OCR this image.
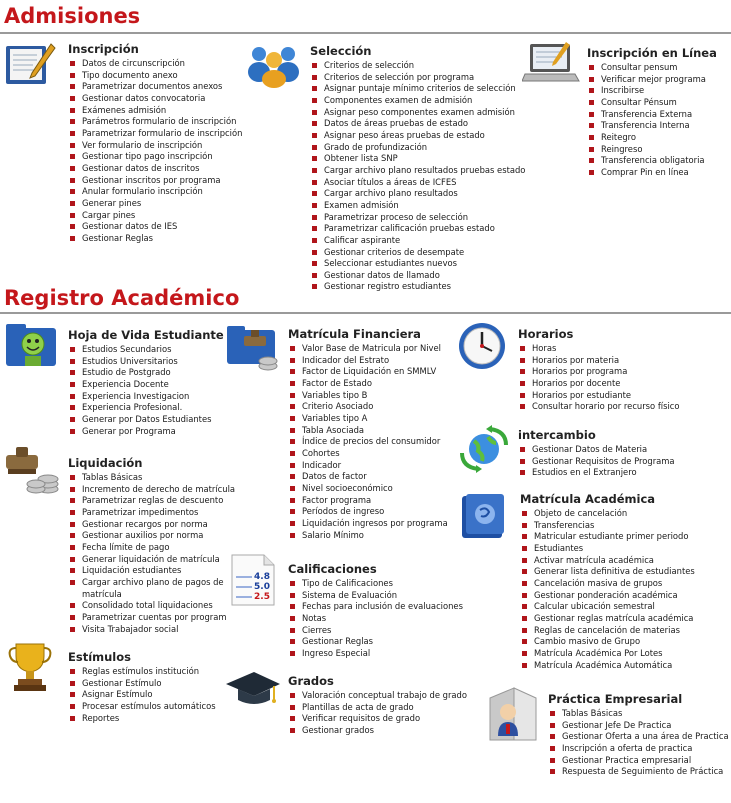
Admisiones
Inscripción
Datos de circunscripción
Tipo documento anexo
Parametrizar documentos anexos
Gestionar datos convocatoria
Exámenes admisión
Parámetros formulario de inscripción
Parametrizar formulario de inscripción
Ver formulario de inscripción
Gestionar tipo pago inscripción
Gestionar datos de inscritos
Gestionar inscritos por programa
Anular formulario inscripción
Generar pines
Cargar pines
Gestionar datos de IES
Gestionar Reglas
Selección
Criterios de selección
Criterios de selección por programa
Asignar puntaje mínimo criterios de selección
Componentes examen de admisión
Asignar peso componentes examen admisión
Datos de áreas pruebas de estado
Asignar peso áreas pruebas de estado
Grado de profundización
Obtener lista SNP
Cargar archivo plano resultados pruebas estado
Asociar títulos a áreas de ICFES
Cargar archivo plano resultados
Examen admisión
Parametrizar proceso de selección
Parametrizar calificación pruebas estado
Calificar aspirante
Gestionar criterios de desempate
Seleccionar estudiantes nuevos
Gestionar datos de llamado
Gestionar registro estudiantes
Inscripción en Línea
Consultar pensum
Verificar mejor programa
Inscribirse
Consultar Pénsum
Transferencia Externa
Transferencia Interna
Reitegro
Reingreso
Transferencia obligatoria
Comprar Pin en línea
Registro Académico
Hoja de Vida Estudiante
Estudios Secundarios
Estudios Universitarios
Estudio de Postgrado
Experiencia Docente
Experiencia Investigacion
Experiencia Profesional.
Generar por Datos Estudiantes
Generar por Programa
Liquidación
Tablas Básicas
Incremento de derecho de matrícula
Parametrizar reglas de descuento
Parametrizar impedimentos
Gestionar recargos por norma
Gestionar auxilios por norma
Fecha límite de pago
Generar liquidación de matrícula
Liquidación estudiantes
Cargar archivo plano de pagos de matrícula
Consolidado total liquidaciones
Parametrizar cuentas por program
Visita Trabajador social
Estímulos
Reglas estímulos institución
Gestionar Estímulo
Asignar Estímulo
Procesar estímulos automáticos
Reportes
Matrícula Financiera
Valor Base de Matricula por Nivel
Indicador del Estrato
Factor de Liquidación en SMMLV
Factor de Estado
Variables tipo B
Criterio Asociado
Variables tipo A
Tabla Asociada
Índice de precios del consumidor
Cohortes
Indicador
Datos de factor
Nivel socioeconómico
Factor programa
Períodos de ingreso
Liquidación ingresos por programa
Salario Mínimo
4.8
5.0
2.5
Calificaciones
Tipo de Calificaciones
Sistema de Evaluación
Fechas para inclusión de evaluaciones
Notas
Cierres
Gestionar Reglas
Ingreso Especial
Grados
Valoración conceptual trabajo de grado
Plantillas de acta de grado
Verificar requisitos de grado
Gestionar grados
Horarios
Horas
Horarios por materia
Horarios por programa
Horarios por docente
Horarios por estudiante
Consultar horario por recurso físico
intercambio
Gestionar Datos de Materia
Gestionar Requisitos de Programa
Estudios en el Extranjero
Matrícula Académica
Objeto de cancelación
Transferencias
Matricular estudiante primer periodo
Estudiantes
Activar matrícula académica
Generar lista definitiva de estudiantes
Cancelación masiva de grupos
Gestionar ponderación académica
Calcular ubicación semestral
Gestionar reglas matrícula académica
Reglas de cancelación de materias
Cambio masivo de Grupo
Matrícula Académica Por Lotes
Matrícula Académica Automática
Práctica Empresarial
Tablas Básicas
Gestionar Jefe De Practica
Gestionar Oferta a una área de Practica
Inscripción a oferta de practica
Gestionar Practica empresarial
Respuesta de Seguimiento de Práctica
